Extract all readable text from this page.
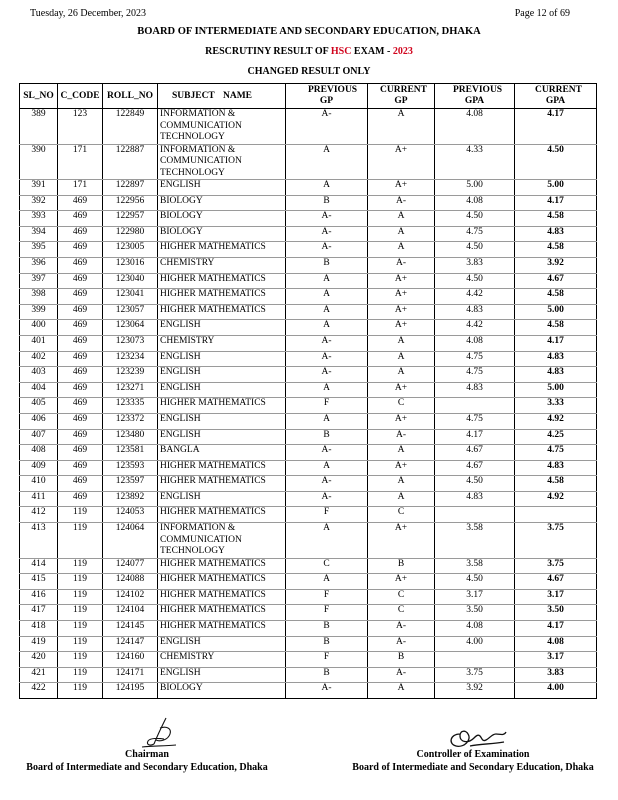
Tuesday, 26 December, 2023	Page 12 of 69
BOARD OF INTERMEDIATE AND SECONDARY EDUCATION, DHAKA
RESCRUTINY RESULT OF HSC EXAM - 2023
CHANGED RESULT ONLY
SL_NO	C_CODE	ROLL_NO	SUBJECT NAME	PREVIOUS GP	CURRENT GP	PREVIOUS GPA	CURRENT GPA
389	123	122849	INFORMATION & COMMUNICATION TECHNOLOGY	A-	A	4.08	4.17
390	171	122887	INFORMATION & COMMUNICATION TECHNOLOGY	A	A+	4.33	4.50
391	171	122897	ENGLISH	A	A+	5.00	5.00
392	469	122956	BIOLOGY	B	A-	4.08	4.17
393	469	122957	BIOLOGY	A-	A	4.50	4.58
394	469	122980	BIOLOGY	A-	A	4.75	4.83
395	469	123005	HIGHER MATHEMATICS	A-	A	4.50	4.58
396	469	123016	CHEMISTRY	B	A-	3.83	3.92
397	469	123040	HIGHER MATHEMATICS	A	A+	4.50	4.67
398	469	123041	HIGHER MATHEMATICS	A	A+	4.42	4.58
399	469	123057	HIGHER MATHEMATICS	A	A+	4.83	5.00
400	469	123064	ENGLISH	A	A+	4.42	4.58
401	469	123073	CHEMISTRY	A-	A	4.08	4.17
402	469	123234	ENGLISH	A-	A	4.75	4.83
403	469	123239	ENGLISH	A-	A	4.75	4.83
404	469	123271	ENGLISH	A	A+	4.83	5.00
405	469	123335	HIGHER MATHEMATICS	F	C		3.33
406	469	123372	ENGLISH	A	A+	4.75	4.92
407	469	123480	ENGLISH	B	A-	4.17	4.25
408	469	123581	BANGLA	A-	A	4.67	4.75
409	469	123593	HIGHER MATHEMATICS	A	A+	4.67	4.83
410	469	123597	HIGHER MATHEMATICS	A-	A	4.50	4.58
411	469	123892	ENGLISH	A-	A	4.83	4.92
412	119	124053	HIGHER MATHEMATICS	F	C		
413	119	124064	INFORMATION & COMMUNICATION TECHNOLOGY	A	A+	3.58	3.75
414	119	124077	HIGHER MATHEMATICS	C	B	3.58	3.75
415	119	124088	HIGHER MATHEMATICS	A	A+	4.50	4.67
416	119	124102	HIGHER MATHEMATICS	F	C	3.17	3.17
417	119	124104	HIGHER MATHEMATICS	F	C	3.50	3.50
418	119	124145	HIGHER MATHEMATICS	B	A-	4.08	4.17
419	119	124147	ENGLISH	B	A-	4.00	4.08
420	119	124160	CHEMISTRY	F	B		3.17
421	119	124171	ENGLISH	B	A-	3.75	3.83
422	119	124195	BIOLOGY	A-	A	3.92	4.00
Chairman
Board of Intermediate and Secondary Education, Dhaka
Controller of Examination
Board of Intermediate and Secondary Education, Dhaka
